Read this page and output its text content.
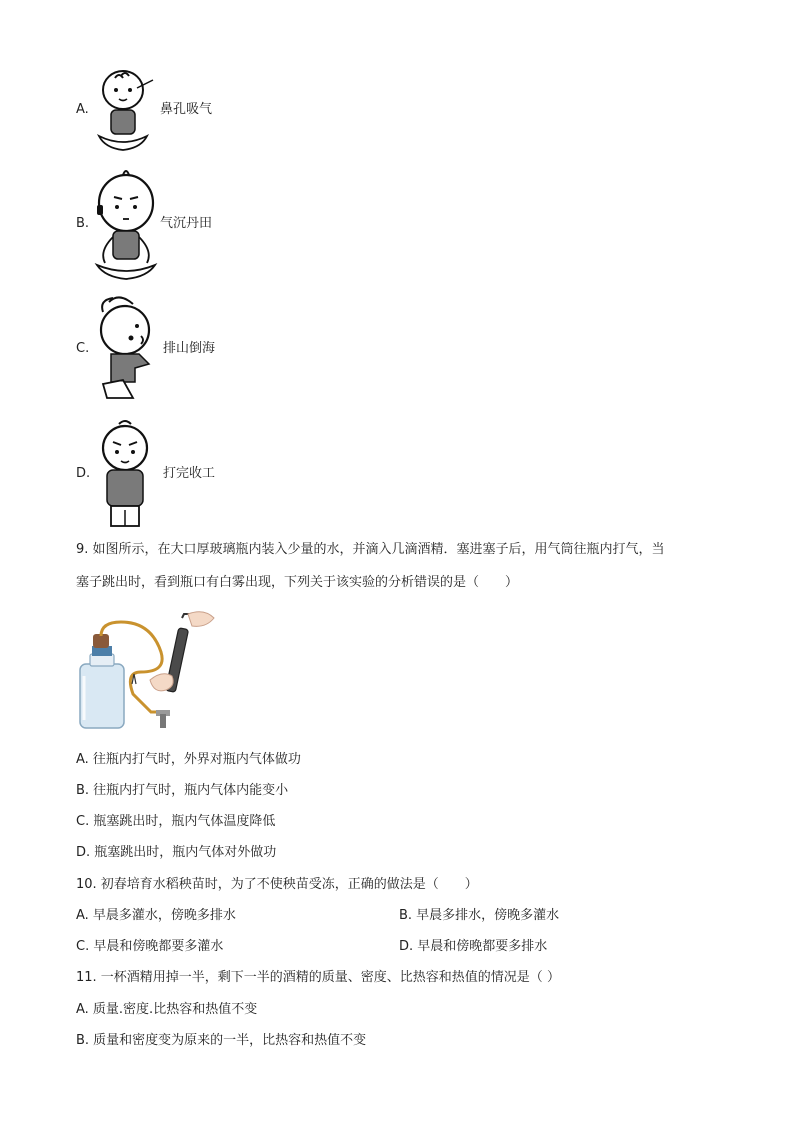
A.	鼻孔吸气
B.	气沉丹田
C.	排山倒海
D.	打完收工
9. 如图所示，在大口厚玻璃瓶内装入少量的水，并滴入几滴酒精．塞进塞子后，用气筒往瓶内打气，当
塞子跳出时，看到瓶口有白雾出现，下列关于该实验的分析错误的是（　　）
A. 往瓶内打气时，外界对瓶内气体做功
B. 往瓶内打气时，瓶内气体内能变小
C. 瓶塞跳出时，瓶内气体温度降低
D. 瓶塞跳出时，瓶内气体对外做功
10. 初春培育水稻秧苗时，为了不使秧苗受冻，正确的做法是（　　）
A. 早晨多灌水，傍晚多排水	B. 早晨多排水，傍晚多灌水
C. 早晨和傍晚都要多灌水	D. 早晨和傍晚都要多排水
11. 一杯酒精用掉一半，剩下一半的酒精的质量、密度、比热容和热值的情况是（ ）
A. 质量.密度.比热容和热值不变
B. 质量和密度变为原来的一半，比热容和热值不变
